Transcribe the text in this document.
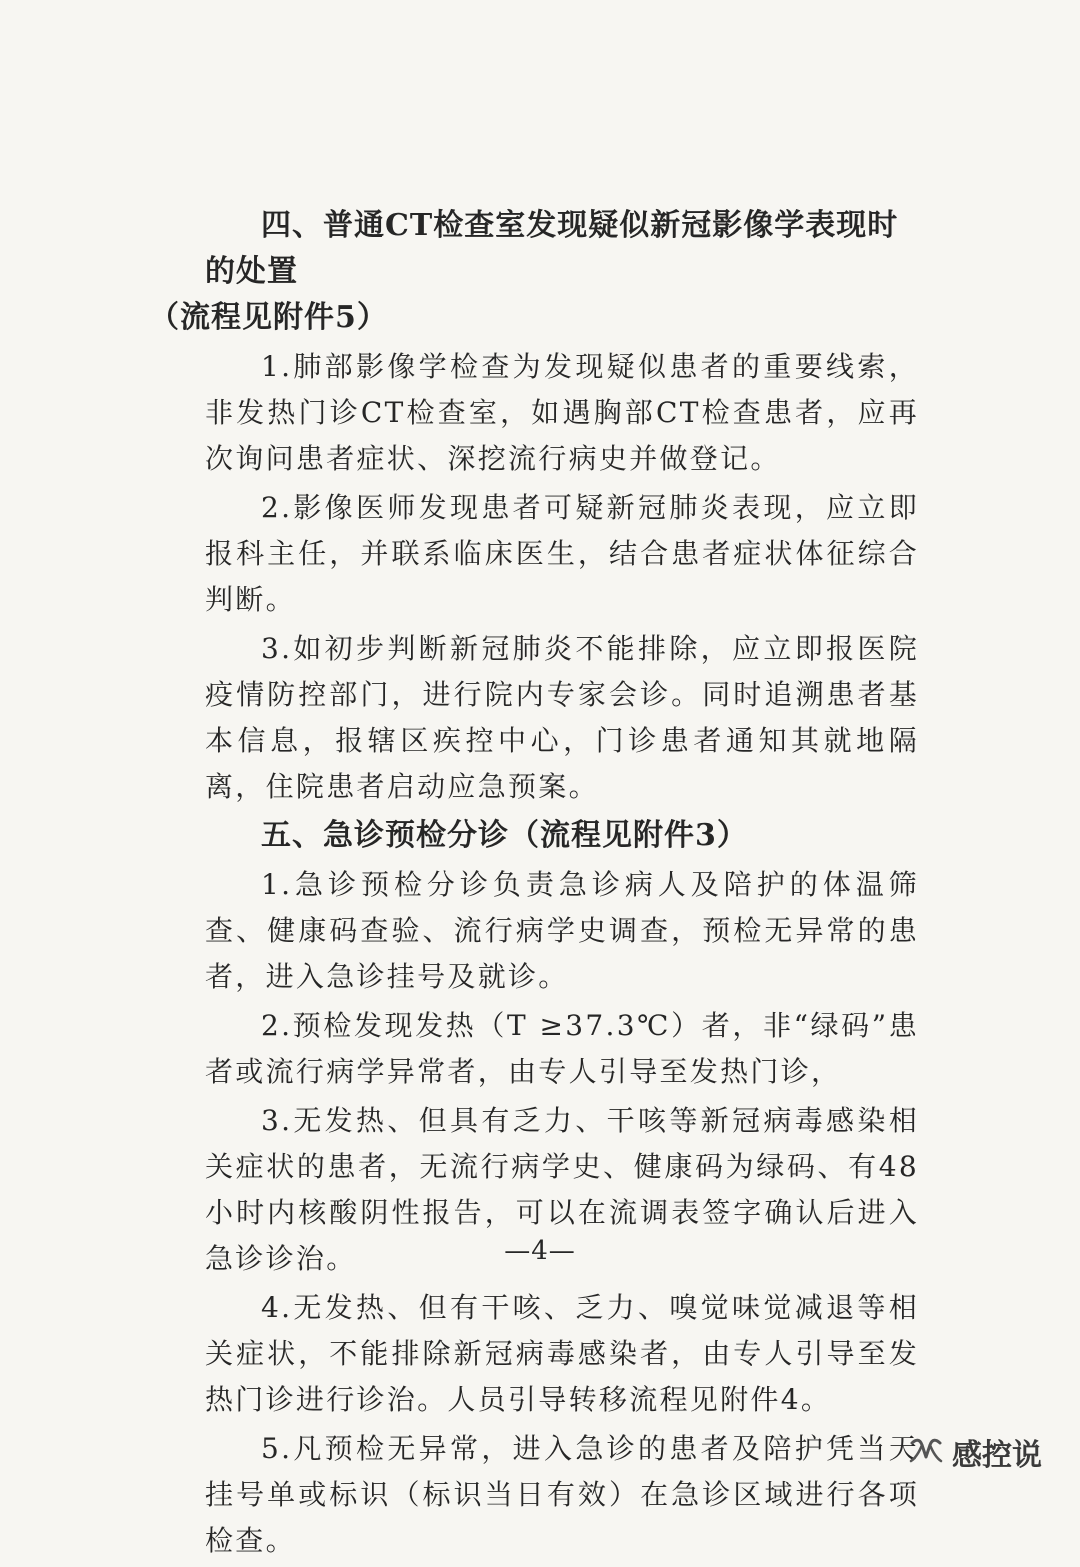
四、普通CT检查室发现疑似新冠影像学表现时的处置
（流程见附件5）

1.肺部影像学检查为发现疑似患者的重要线索，非发热门诊CT检查室，如遇胸部CT检查患者，应再次询问患者症状、深挖流行病史并做登记。

2.影像医师发现患者可疑新冠肺炎表现，应立即报科主任，并联系临床医生，结合患者症状体征综合判断。

3.如初步判断新冠肺炎不能排除，应立即报医院疫情防控部门，进行院内专家会诊。同时追溯患者基本信息，报辖区疾控中心，门诊患者通知其就地隔离，住院患者启动应急预案。

五、急诊预检分诊（流程见附件3）

1.急诊预检分诊负责急诊病人及陪护的体温筛查、健康码查验、流行病学史调查，预检无异常的患者，进入急诊挂号及就诊。

2.预检发现发热（T ≥37.3℃）者，非“绿码”患者或流行病学异常者，由专人引导至发热门诊，

3.无发热、但具有乏力、干咳等新冠病毒感染相关症状的患者，无流行病学史、健康码为绿码、有48小时内核酸阴性报告，可以在流调表签字确认后进入急诊诊治。

4.无发热、但有干咳、乏力、嗅觉味觉减退等相关症状，不能排除新冠病毒感染者，由专人引导至发热门诊进行诊治。人员引导转移流程见附件4。

5.凡预检无异常，进入急诊的患者及陪护凭当天挂号单或标识（标识当日有效）在急诊区域进行各项检查。

—4—
感控说
